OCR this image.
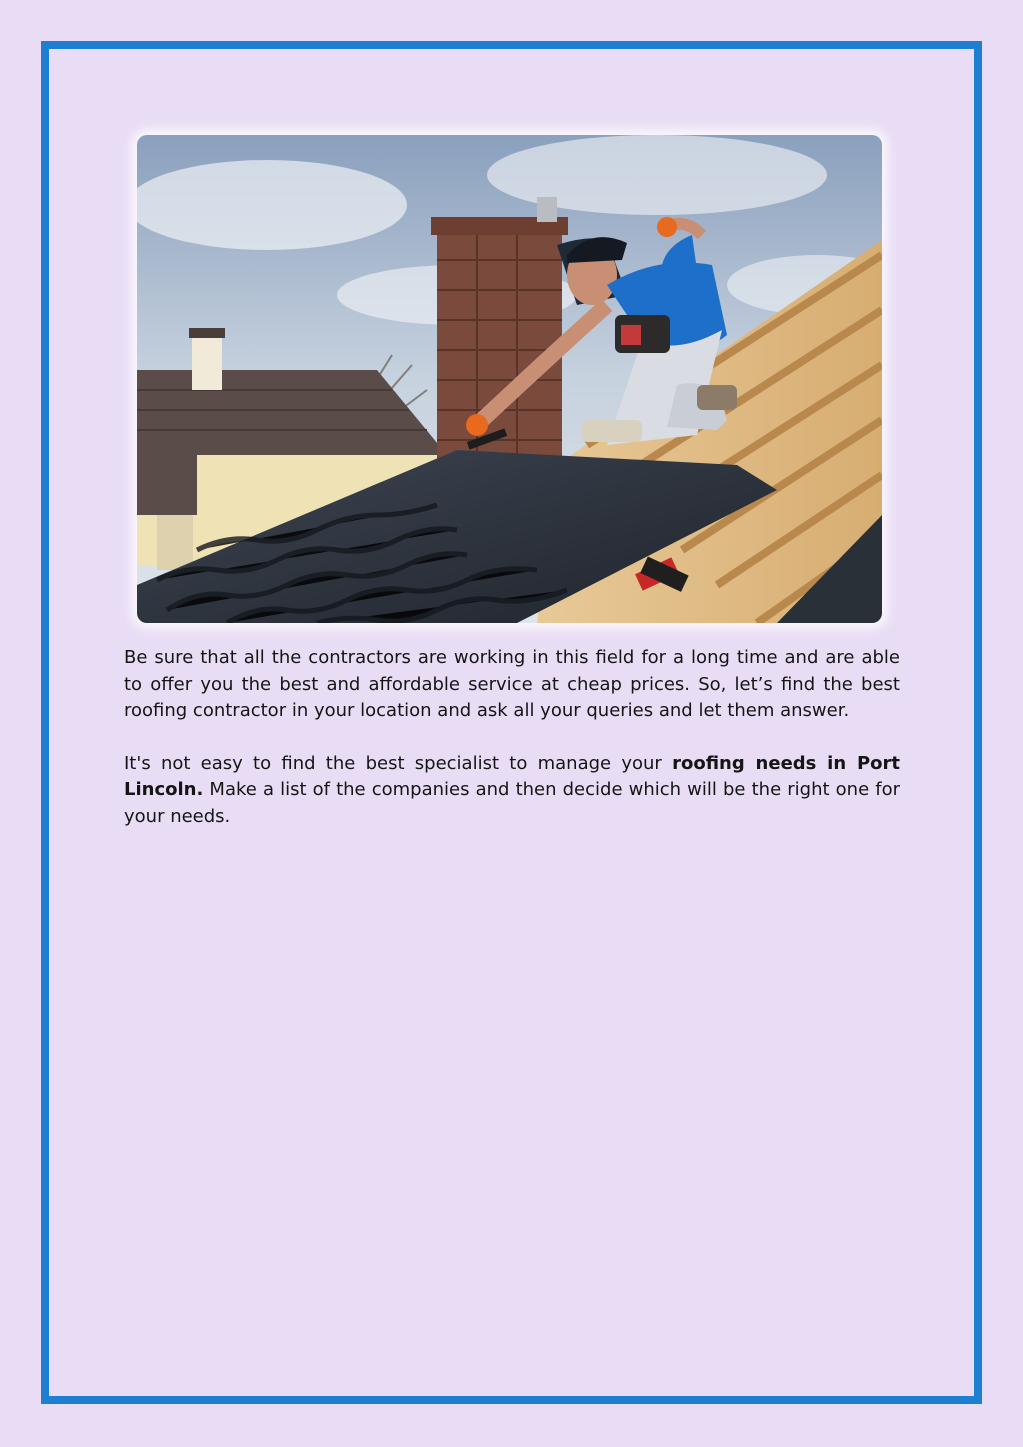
Be sure that all the contractors are working in this field for a long time and are able to offer you the best and affordable service at cheap prices. So, let’s find the best roofing contractor in your location and ask all your queries and let them answer.

It's not easy to find the best specialist to manage your roofing needs in Port Lincoln. Make a list of the companies and then decide which will be the right one for your needs.
